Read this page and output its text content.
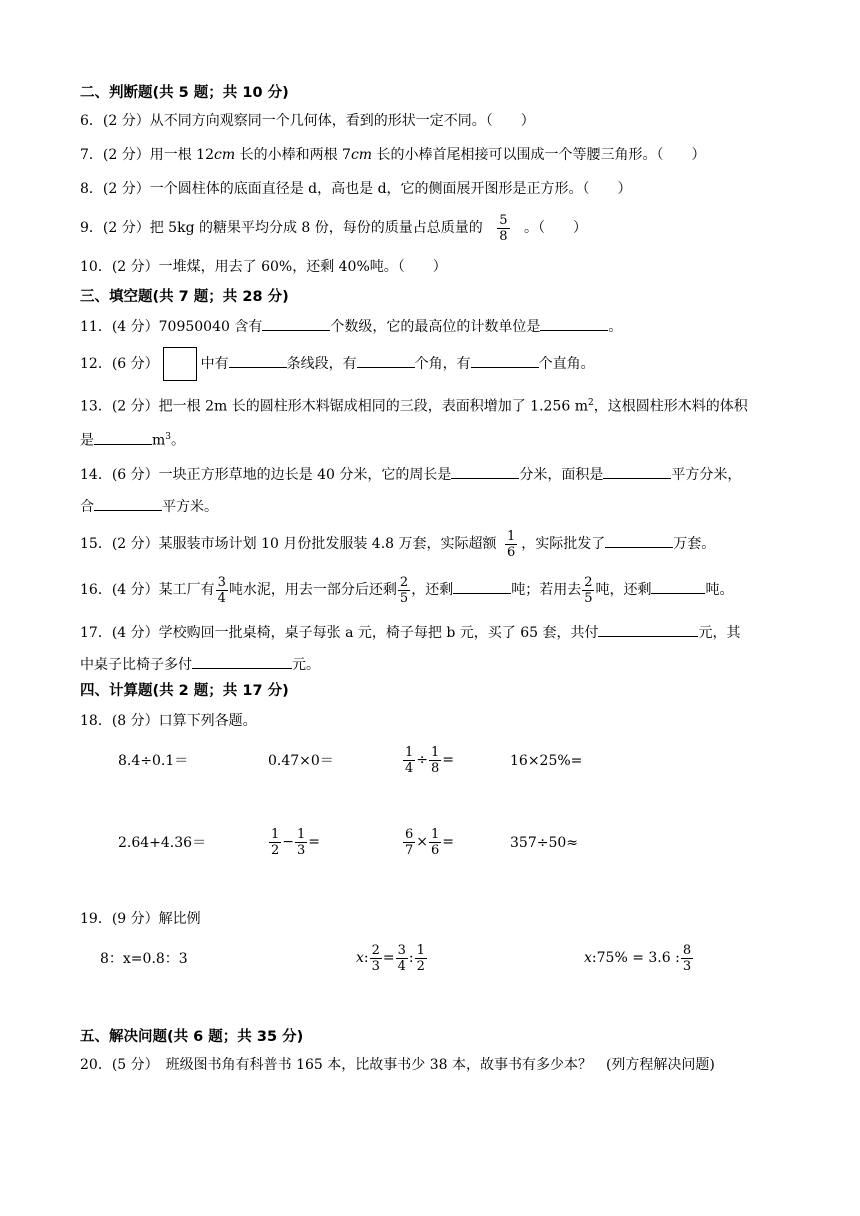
二、判断题(共 5 题；共 10 分)
6．(2 分）从不同方向观察同一个几何体，看到的形状一定不同。（　　）
7．(2 分）用一根 12cm 长的小棒和两根 7cm 长的小棒首尾相接可以围成一个等腰三角形。（　　）
8．(2 分）一个圆柱体的底面直径是 d，高也是 d，它的侧面展开图形是正方形。（　　）
9．(2 分）把 5kg 的糖果平均分成 8 份，每份的质量占总质量的 $\frac{5}{8}$ 。（　　）
10．(2 分）一堆煤，用去了 60%，还剩 40%吨。（　　）
三、填空题(共 7 题；共 28 分)
11．(4 分）70950040 含有	个数级，它的最高位的计数单位是	。
12．(6 分）	中有	条线段，有	个角，有	个直角。
13．(2 分）把一根 2m 长的圆柱形木料锯成相同的三段，表面积增加了 1.256 $m^2$，这根圆柱形木料的体积
是	$m^3$。
14．(6 分）一块正方形草地的边长是 40 分米，它的周长是	分米，面积是	平方分米，
合	平方米。
15．(2 分）某服装市场计划 10 月份批发服装 4.8 万套，实际超额 $\frac{1}{6}$ ，实际批发了	万套。
16．(4 分）某工厂有 $\frac{3}{4}$ 吨水泥，用去一部分后还剩 $\frac{2}{5}$ ，还剩	吨；若用去 $\frac{2}{5}$ 吨，还剩	吨。
17．(4 分）学校购回一批桌椅，桌子每张 a 元，椅子每把 b 元，买了 65 套，共付	元，其
中桌子比椅子多付	元。
四、计算题(共 2 题；共 17 分)
18．(8 分）口算下列各题。
8.4÷0.1＝	0.47×0＝	$\frac{1}{4} \div \frac{1}{8}$ =	16×25%=
2.64+4.36＝	$\frac{1}{2} - \frac{1}{3}$ =	$\frac{6}{7} \times \frac{1}{6}$ =	357÷50≈
19．(9 分）解比例
8：x=0.8：3	x: $\frac{2}{3} = \frac{3}{4}$ : $\frac{1}{2}$	x:75% = 3.6 : $\frac{8}{3}$
五、解决问题(共 6 题；共 35 分)
20．(5 分）　班级图书角有科普书 165 本，比故事书少 38 本，故事书有多少本？　(列方程解决问题)
